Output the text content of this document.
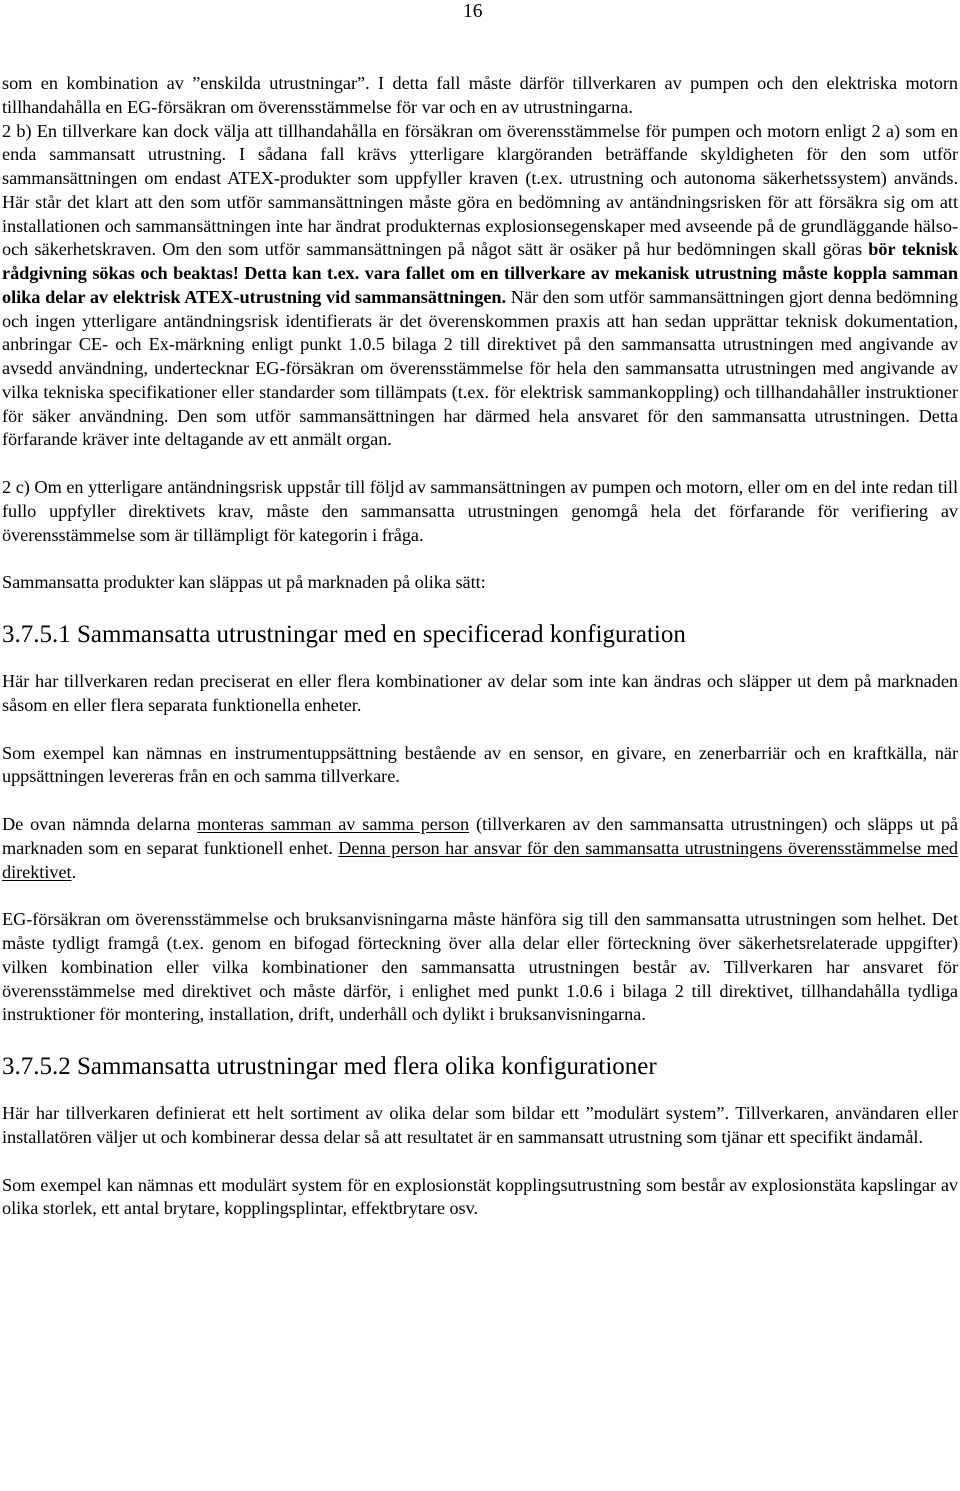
16

som en kombination av ”enskilda utrustningar”. I detta fall måste därför tillverkaren av pumpen och den elektriska motorn tillhandahålla en EG-försäkran om överensstämmelse för var och en av utrustningarna.

2 b) En tillverkare kan dock välja att tillhandahålla en försäkran om överensstämmelse för pumpen och motorn enligt 2 a) som en enda sammansatt utrustning. I sådana fall krävs ytterligare klargöranden beträffande skyldigheten för den som utför sammansättningen om endast ATEX-produkter som uppfyller kraven (t.ex. utrustning och autonoma säkerhetssystem) används. Här står det klart att den som utför sammansättningen måste göra en bedömning av antändningsrisken för att försäkra sig om att installationen och sammansättningen inte har ändrat produkternas explosionsegenskaper med avseende på de grundläggande hälso- och säkerhetskraven. Om den som utför sammansättningen på något sätt är osäker på hur bedömningen skall göras bör teknisk rådgivning sökas och beaktas! Detta kan t.ex. vara fallet om en tillverkare av mekanisk utrustning måste koppla samman olika delar av elektrisk ATEX-utrustning vid sammansättningen. När den som utför sammansättningen gjort denna bedömning och ingen ytterligare antändningsrisk identifierats är det överenskommen praxis att han sedan upprättar teknisk dokumentation, anbringar CE- och Ex-märkning enligt punkt 1.0.5 bilaga 2 till direktivet på den sammansatta utrustningen med angivande av avsedd användning, undertecknar EG-försäkran om överensstämmelse för hela den sammansatta utrustningen med angivande av vilka tekniska specifikationer eller standarder som tillämpats (t.ex. för elektrisk sammankoppling) och tillhandahåller instruktioner för säker användning. Den som utför sammansättningen har därmed hela ansvaret för den sammansatta utrustningen. Detta förfarande kräver inte deltagande av ett anmält organ.

2 c) Om en ytterligare antändningsrisk uppstår till följd av sammansättningen av pumpen och motorn, eller om en del inte redan till fullo uppfyller direktivets krav, måste den sammansatta utrustningen genomgå hela det förfarande för verifiering av överensstämmelse som är tillämpligt för kategorin i fråga.

Sammansatta produkter kan släppas ut på marknaden på olika sätt:

3.7.5.1 Sammansatta utrustningar med en specificerad konfiguration

Här har tillverkaren redan preciserat en eller flera kombinationer av delar som inte kan ändras och släpper ut dem på marknaden såsom en eller flera separata funktionella enheter.

Som exempel kan nämnas en instrumentuppsättning bestående av en sensor, en givare, en zenerbarriär och en kraftkälla, när uppsättningen levereras från en och samma tillverkare.

De ovan nämnda delarna monteras samman av samma person (tillverkaren av den sammansatta utrustningen) och släpps ut på marknaden som en separat funktionell enhet. Denna person har ansvar för den sammansatta utrustningens överensstämmelse med direktivet.

EG-försäkran om överensstämmelse och bruksanvisningarna måste hänföra sig till den sammansatta utrustningen som helhet. Det måste tydligt framgå (t.ex. genom en bifogad förteckning över alla delar eller förteckning över säkerhetsrelaterade uppgifter) vilken kombination eller vilka kombinationer den sammansatta utrustningen består av. Tillverkaren har ansvaret för överensstämmelse med direktivet och måste därför, i enlighet med punkt 1.0.6 i bilaga 2 till direktivet, tillhandahålla tydliga instruktioner för montering, installation, drift, underhåll och dylikt i bruksanvisningarna.

3.7.5.2 Sammansatta utrustningar med flera olika konfigurationer

Här har tillverkaren definierat ett helt sortiment av olika delar som bildar ett ”modulärt system”. Tillverkaren, användaren eller installatören väljer ut och kombinerar dessa delar så att resultatet är en sammansatt utrustning som tjänar ett specifikt ändamål.

Som exempel kan nämnas ett modulärt system för en explosionstät kopplingsutrustning som består av explosionstäta kapslingar av olika storlek, ett antal brytare, kopplingsplintar, effektbrytare osv.
